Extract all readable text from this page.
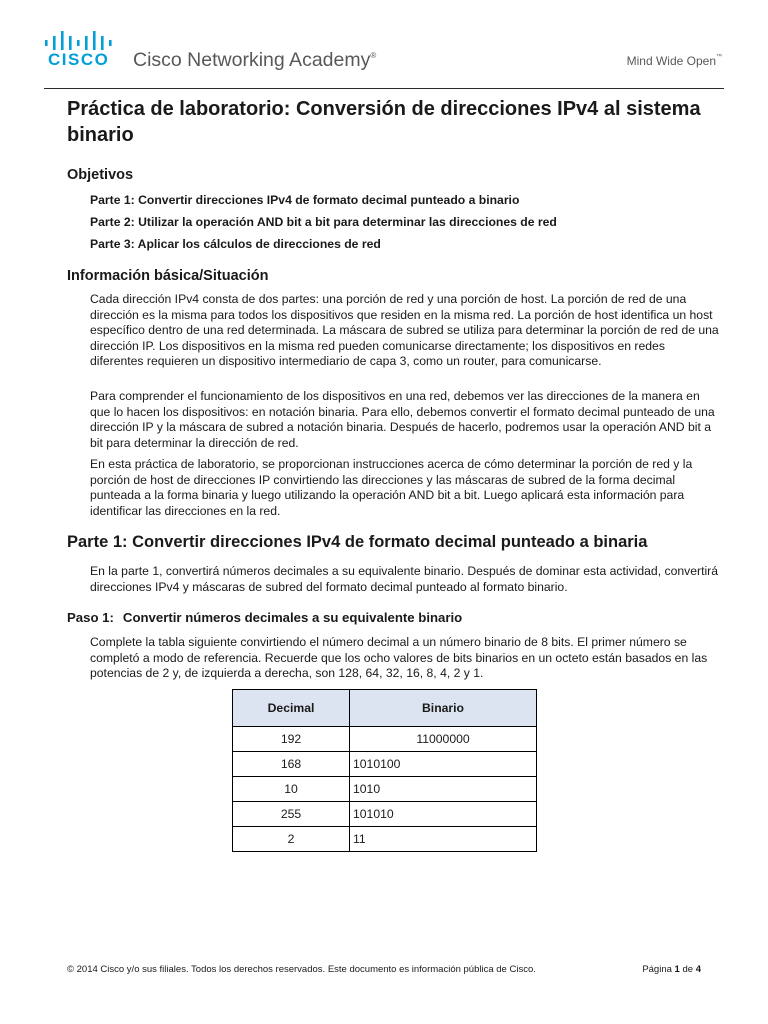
CISCO Cisco Networking Academy®	Mind Wide Open™
Práctica de laboratorio: Conversión de direcciones IPv4 al sistema binario
Objetivos
Parte 1: Convertir direcciones IPv4 de formato decimal punteado a binario
Parte 2: Utilizar la operación AND bit a bit para determinar las direcciones de red
Parte 3: Aplicar los cálculos de direcciones de red
Información básica/Situación

Cada dirección IPv4 consta de dos partes: una porción de red y una porción de host. La porción de red de una dirección es la misma para todos los dispositivos que residen en la misma red. La porción de host identifica un host específico dentro de una red determinada. La máscara de subred se utiliza para determinar la porción de red de una dirección IP. Los dispositivos en la misma red pueden comunicarse directamente; los dispositivos en redes diferentes requieren un dispositivo intermediario de capa 3, como un router, para comunicarse.

Para comprender el funcionamiento de los dispositivos en una red, debemos ver las direcciones de la manera en que lo hacen los dispositivos: en notación binaria. Para ello, debemos convertir el formato decimal punteado de una dirección IP y la máscara de subred a notación binaria. Después de hacerlo, podremos usar la operación AND bit a bit para determinar la dirección de red.

En esta práctica de laboratorio, se proporcionan instrucciones acerca de cómo determinar la porción de red y la porción de host de direcciones IP convirtiendo las direcciones y las máscaras de subred de la forma decimal punteada a la forma binaria y luego utilizando la operación AND bit a bit. Luego aplicará esta información para identificar las direcciones en la red.

Parte 1: Convertir direcciones IPv4 de formato decimal punteado a binaria

En la parte 1, convertirá números decimales a su equivalente binario. Después de dominar esta actividad, convertirá direcciones IPv4 y máscaras de subred del formato decimal punteado al formato binario.

Paso 1: Convertir números decimales a su equivalente binario

Complete la tabla siguiente convirtiendo el número decimal a un número binario de 8 bits. El primer número se completó a modo de referencia. Recuerde que los ocho valores de bits binarios en un octeto están basados en las potencias de 2 y, de izquierda a derecha, son 128, 64, 32, 16, 8, 4, 2 y 1.

Decimal	Binario
192	11000000
168	1010100
10	1010
255	101010
2	11
© 2014 Cisco y/o sus filiales. Todos los derechos reservados. Este documento es información pública de Cisco.	Página 1 de 4
